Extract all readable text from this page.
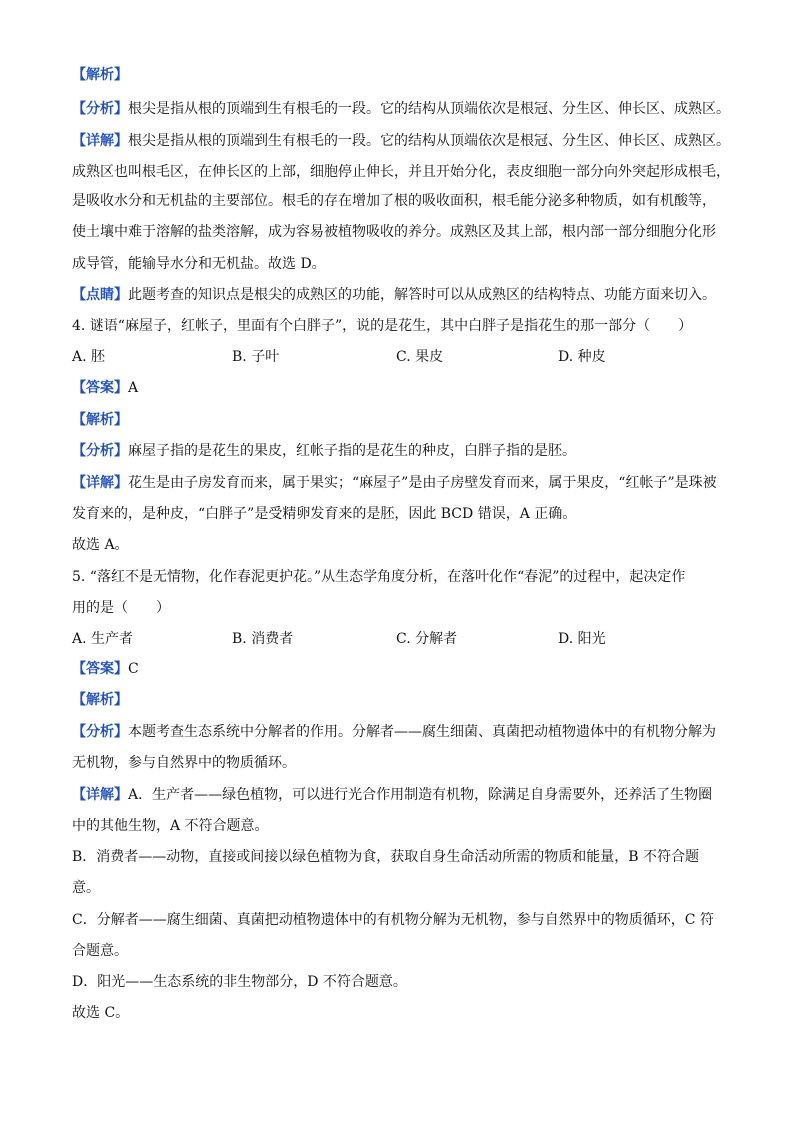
【解析】
【分析】根尖是指从根的顶端到生有根毛的一段。它的结构从顶端依次是根冠、分生区、伸长区、成熟区。
【详解】根尖是指从根的顶端到生有根毛的一段。它的结构从顶端依次是根冠、分生区、伸长区、成熟区。
成熟区也叫根毛区，在伸长区的上部，细胞停止伸长，并且开始分化，表皮细胞一部分向外突起形成根毛，
是吸收水分和无机盐的主要部位。根毛的存在增加了根的吸收面积，根毛能分泌多种物质，如有机酸等，
使土壤中难于溶解的盐类溶解，成为容易被植物吸收的养分。成熟区及其上部，根内部一部分细胞分化形
成导管，能输导水分和无机盐。故选 D。
【点睛】此题考查的知识点是根尖的成熟区的功能，解答时可以从成熟区的结构特点、功能方面来切入。
4. 谜语“麻屋子，红帐子，里面有个白胖子”，说的是花生，其中白胖子是指花生的那一部分（　　）
A. 胚	B. 子叶	C. 果皮	D. 种皮
【答案】A
【解析】
【分析】麻屋子指的是花生的果皮，红帐子指的是花生的种皮，白胖子指的是胚。
【详解】花生是由子房发育而来，属于果实；“麻屋子”是由子房壁发育而来，属于果皮，“红帐子”是珠被
发育来的，是种皮，“白胖子”是受精卵发育来的是胚，因此 BCD 错误，A 正确。
故选 A。
5. “落红不是无情物，化作春泥更护花。”从生态学角度分析，在落叶化作“春泥”的过程中，起决定作
用的是（　　）
A. 生产者	B. 消费者	C. 分解者	D. 阳光
【答案】C
【解析】
【分析】本题考查生态系统中分解者的作用。分解者——腐生细菌、真菌把动植物遗体中的有机物分解为
无机物，参与自然界中的物质循环。
【详解】A．生产者——绿色植物，可以进行光合作用制造有机物，除满足自身需要外，还养活了生物圈
中的其他生物，A 不符合题意。
B．消费者——动物，直接或间接以绿色植物为食，获取自身生命活动所需的物质和能量，B 不符合题
意。
C．分解者——腐生细菌、真菌把动植物遗体中的有机物分解为无机物，参与自然界中的物质循环，C 符
合题意。
D．阳光——生态系统的非生物部分，D 不符合题意。
故选 C。
